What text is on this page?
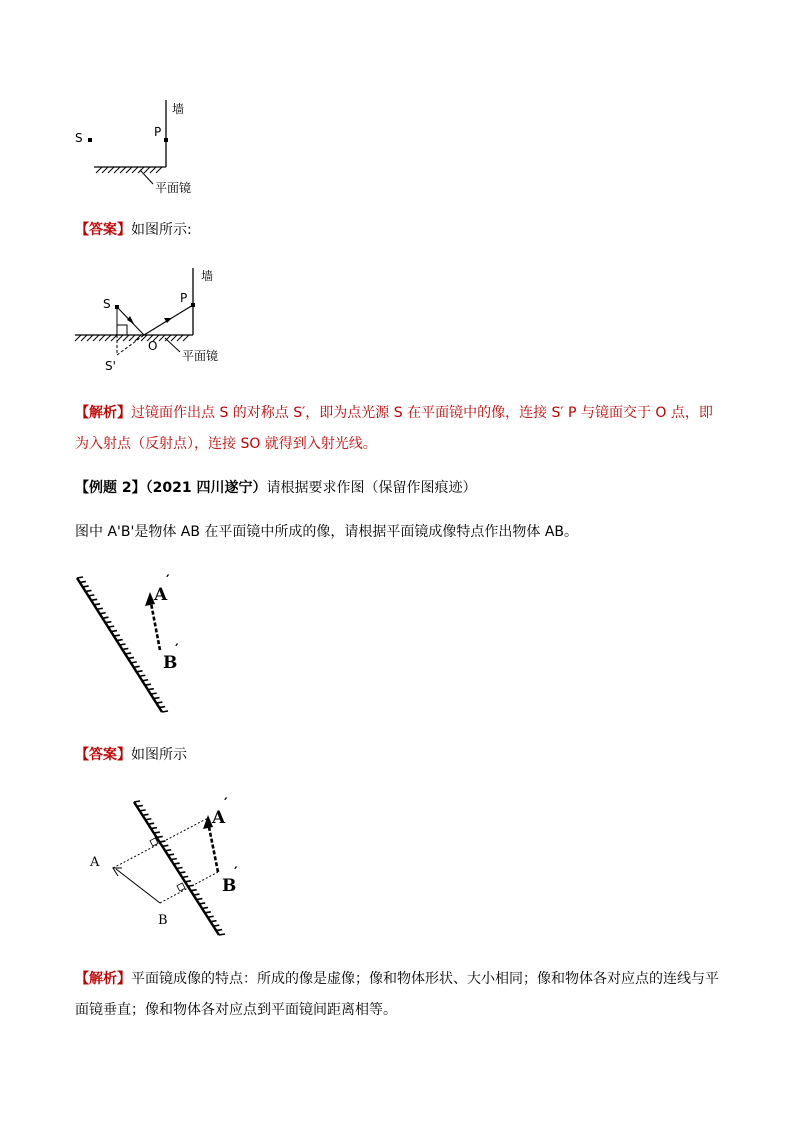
S	P
墙
平面镜
【答案】如图所示:
S	P
墙
O
S'
平面镜
【解析】过镜面作出点 S 的对称点 S′，即为点光源 S 在平面镜中的像，连接 S′ P 与镜面交于 O 点，即
为入射点（反射点），连接 SO 就得到入射光线。
【例题 2】（2021 四川遂宁）请根据要求作图（保留作图痕迹）
图中 A'B'是物体 AB 在平面镜中所成的像，请根据平面镜成像特点作出物体 AB。
A
′
B
′
【答案】如图所示
A
B
A
′
B
′
【解析】平面镜成像的特点：所成的像是虚像；像和物体形状、大小相同；像和物体各对应点的连线与平
面镜垂直；像和物体各对应点到平面镜间距离相等。
